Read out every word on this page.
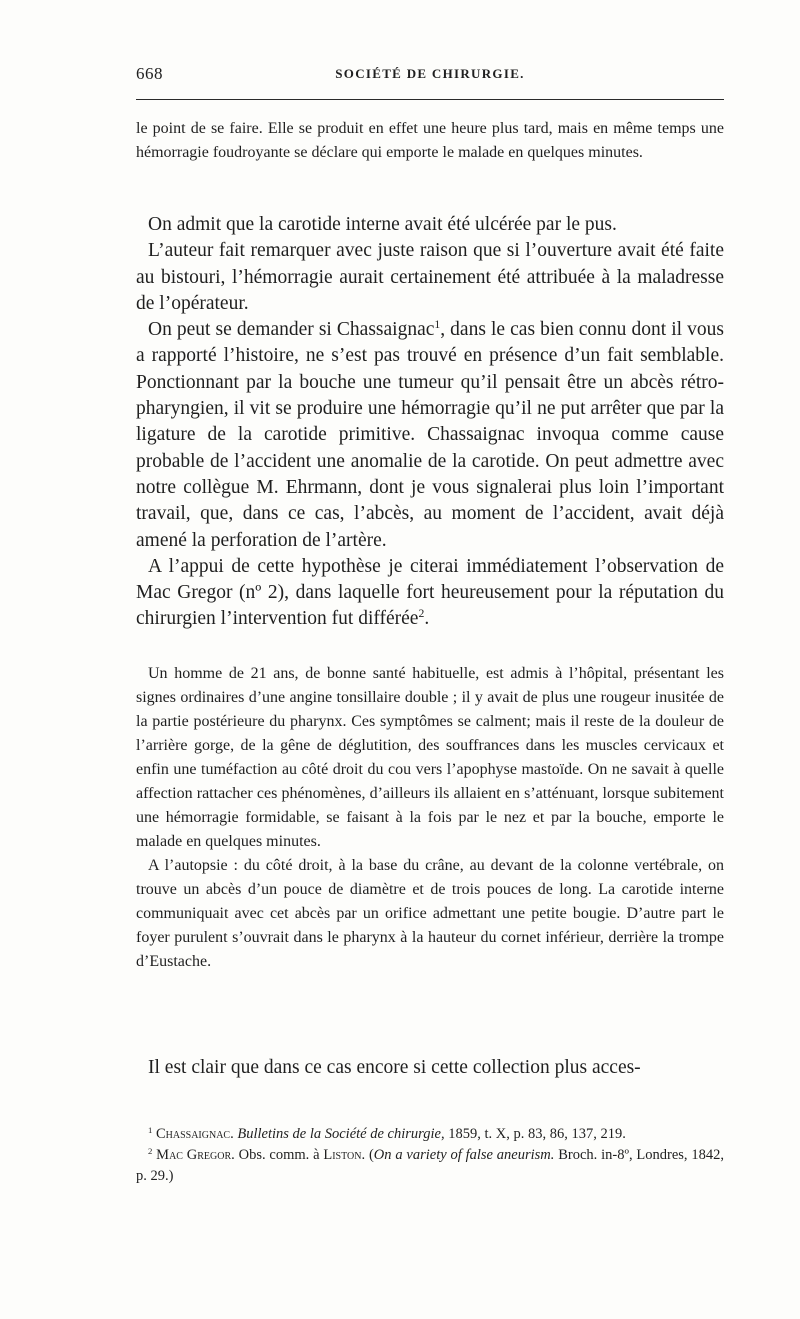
668	SOCIÉTÉ DE CHIRURGIE.

le point de se faire. Elle se produit en effet une heure plus tard, mais en même temps une hémorragie foudroyante se déclare qui emporte le malade en quelques minutes.

On admit que la carotide interne avait été ulcérée par le pus.

L’auteur fait remarquer avec juste raison que si l’ouverture avait été faite au bistouri, l’hémorragie aurait certainement été attribuée à la maladresse de l’opérateur.

On peut se demander si Chassaignac$^1$, dans le cas bien connu dont il vous a rapporté l’histoire, ne s’est pas trouvé en présence d’un fait semblable. Ponctionnant par la bouche une tumeur qu’il pensait être un abcès rétro-pharyngien, il vit se produire une hémorragie qu’il ne put arrêter que par la ligature de la carotide primitive. Chassaignac invoqua comme cause probable de l’accident une anomalie de la carotide. On peut admettre avec notre collègue M. Ehrmann, dont je vous signalerai plus loin l’important travail, que, dans ce cas, l’abcès, au moment de l’accident, avait déjà amené la perforation de l’artère.

A l’appui de cette hypothèse je citerai immédiatement l’observation de Mac Gregor (nº 2), dans laquelle fort heureusement pour la réputation du chirurgien l’intervention fut différée$^2$.

Un homme de 21 ans, de bonne santé habituelle, est admis à l’hôpital, présentant les signes ordinaires d’une angine tonsillaire double ; il y avait de plus une rougeur inusitée de la partie postérieure du pharynx. Ces symptômes se calment; mais il reste de la douleur de l’arrière gorge, de la gêne de déglutition, des souffrances dans les muscles cervicaux et enfin une tuméfaction au côté droit du cou vers l’apophyse mastoïde. On ne savait à quelle affection rattacher ces phénomènes, d’ailleurs ils allaient en s’atténuant, lorsque subitement une hémorragie formidable, se faisant à la fois par le nez et par la bouche, emporte le malade en quelques minutes.

A l’autopsie : du côté droit, à la base du crâne, au devant de la colonne vertébrale, on trouve un abcès d’un pouce de diamètre et de trois pouces de long. La carotide interne communiquait avec cet abcès par un orifice admettant une petite bougie. D’autre part le foyer purulent s’ouvrait dans le pharynx à la hauteur du cornet inférieur, derrière la trompe d’Eustache.

Il est clair que dans ce cas encore si cette collection plus acces-

$^1$ Chassaignac. Bulletins de la Société de chirurgie, 1859, t. X, p. 83, 86, 137, 219.

$^2$ Mac Gregor. Obs. comm. à Liston. (On a variety of false aneurism. Broch. in-8º, Londres, 1842, p. 29.)
